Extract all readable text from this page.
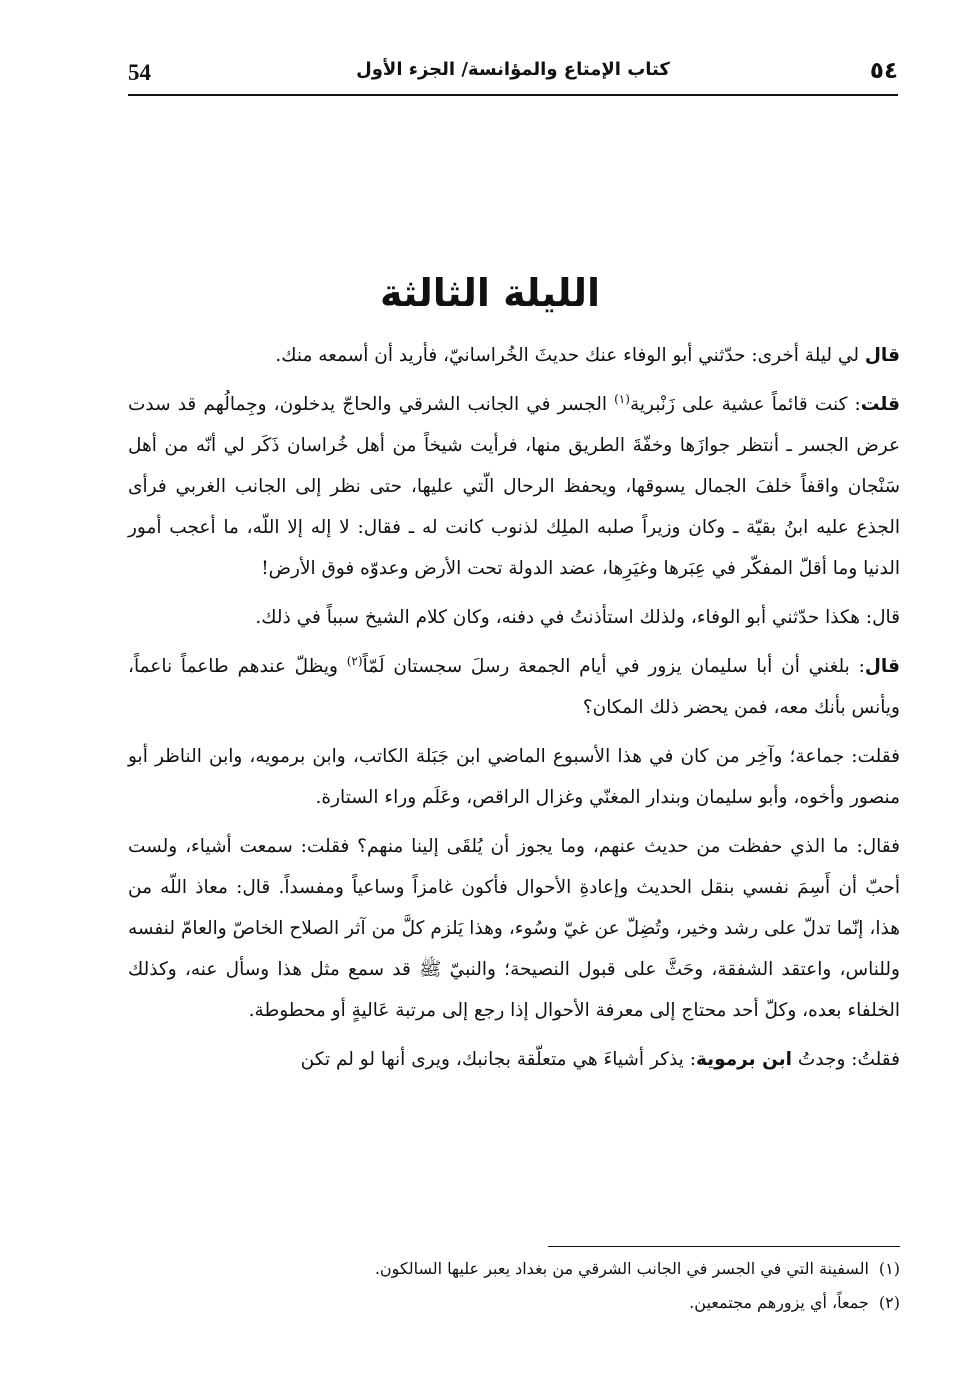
54	كتاب الإمتاع والمؤانسة/ الجزء الأول	٥٤
الليلة الثالثة

قال لي ليلة أخرى: حدّثني أبو الوفاء عنك حديثَ الخُراسانيّ، فأريد أن أسمعه منك.

قلت: كنت قائماً عشية على زَنْبرية$^{(١)}$ الجسر في الجانب الشرقي والحاجّ يدخلون، وجِمالُهم قد سدت عرض الجسر ـ أنتظر جوازَها وخفّةَ الطريق منها، فرأيت شيخاً من أهل خُراسان ذَكَر لي أنّه من أهل سَنْجان واقفاً خلفَ الجمال يسوقها، ويحفظ الرحال الّتي عليها، حتى نظر إلى الجانب الغربي فرأى الجذع عليه ابنُ بقيّة ـ وكان وزيراً صلبه الملِك لذنوب كانت له ـ فقال: لا إله إلا اللّه، ما أعجب أمور الدنيا وما أقلّ المفكّر في عِبَرها وغيَرِها، عضد الدولة تحت الأرض وعدوّه فوق الأرض!

قال: هكذا حدّثني أبو الوفاء، ولذلك استأذنتُ في دفنه، وكان كلام الشيخ سبباً في ذلك.

قال: بلغني أن أبا سليمان يزور في أيام الجمعة رسلَ سجستان لَمّاً$^{(٢)}$ ويظلّ عندهم طاعماً ناعماً، ويأنس بأنك معه، فمن يحضر ذلك المكان؟

فقلت: جماعة؛ وآخِر من كان في هذا الأسبوع الماضي ابن جَبَلة الكاتب، وابن برمويه، وابن الناظر أبو منصور وأخوه، وأبو سليمان وبندار المغنّي وغزال الراقص، وعَلَم وراء الستارة.

فقال: ما الذي حفظت من حديث عنهم، وما يجوز أن يُلقَى إلينا منهم؟ فقلت: سمعت أشياء، ولست أحبّ أن أَسِمَ نفسي بنقل الحديث وإعادةِ الأحوال فأكون غامزاً وساعياً ومفسداً. قال: معاذ اللّه من هذا، إنّما تدلّ على رشد وخير، وتُضِلّ عن غيّ وسُوء، وهذا يَلزم كلَّ من آثر الصلاح الخاصّ والعامّ لنفسه وللناس، واعتقد الشفقة، وحَثَّ على قبول النصيحة؛ والنبيّ ﷺ قد سمع مثل هذا وسأل عنه، وكذلك الخلفاء بعده، وكلّ أحد محتاج إلى معرفة الأحوال إذا رجع إلى مرتبة عَاليةٍ أو محطوطة.

فقلتُ: وجدتُ ابن برموية: يذكر أشياءَ هي متعلّقة بجانبك، ويرى أنها لو لم تكن

(١)السفينة التي في الجسر في الجانب الشرقي من بغداد يعبر عليها السالكون.
(٢)جمعاً، أي يزورهم مجتمعين.
